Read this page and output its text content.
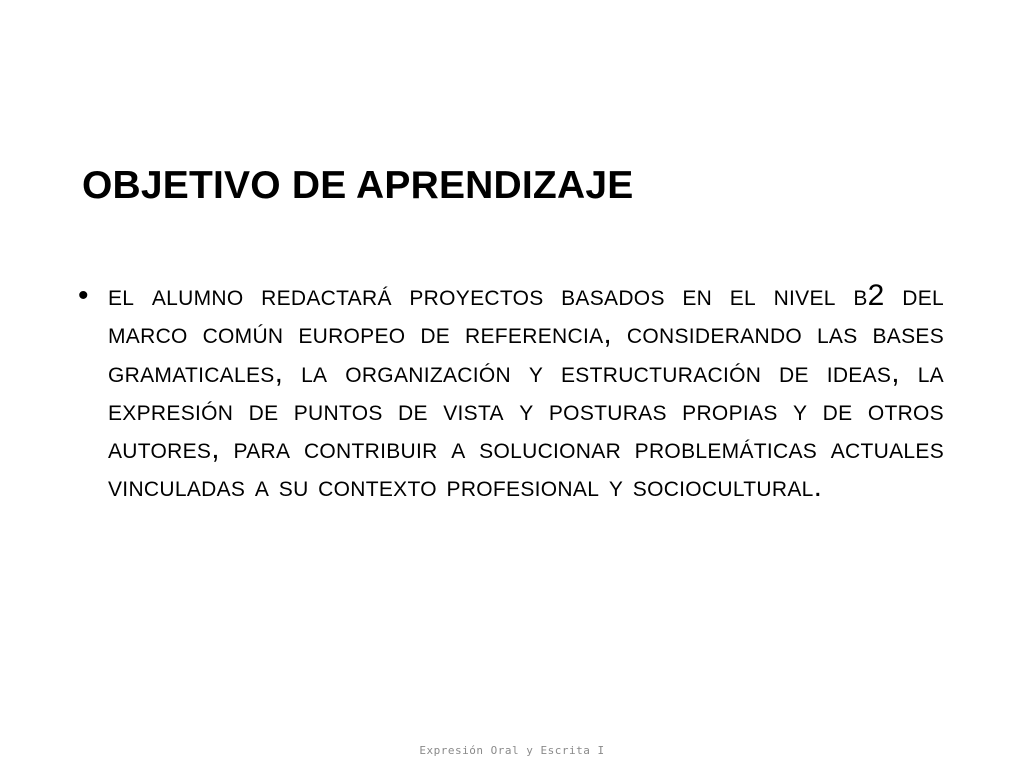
OBJETIVO DE APRENDIZAJE
• el alumno redactará proyectos basados en el nivel b2 del marco común europeo de referencia, considerando las bases gramaticales, la organización y estructuración de ideas, la expresión de puntos de vista y posturas propias y de otros autores, para contribuir a solucionar problemáticas actuales vinculadas a su contexto profesional y sociocultural.
Expresión Oral y Escrita I
